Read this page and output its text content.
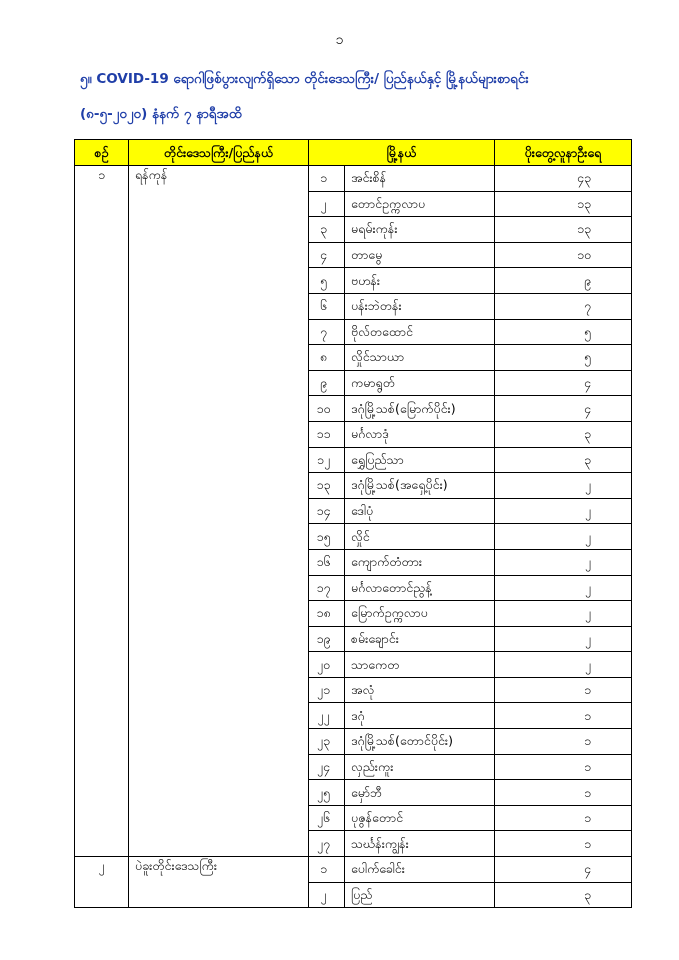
၁
၅။ COVID-19 ရောဂါဖြစ်ပွားလျက်ရှိသော တိုင်းဒေသကြီး/ ပြည်နယ်နှင့် မြို့နယ်များစာရင်း
(၈-၅-၂၀၂၀) နံနက် ၇ နာရီအထိ
စဉ်	တိုင်းဒေသကြီး/ပြည်နယ်	မြို့နယ်		ပိုးတွေ့လူနာဦးရေ
၁	ရန်ကုန်	၁	အင်းစိန်	၄၃
		၂	တောင်ဥက္ကလာပ	၁၃
		၃	မရမ်းကုန်း	၁၃
		၄	တာမွေ	၁၀
		၅	ဗဟန်း	၉
		၆	ပန်းဘဲတန်း	၇
		၇	ဗိုလ်တထောင်	၅
		၈	လှိုင်သာယာ	၅
		၉	ကမာရွတ်	၄
		၁၀	ဒဂုံမြို့သစ်(မြောက်ပိုင်း)	၄
		၁၁	မင်္ဂလာဒုံ	၃
		၁၂	ရွှေပြည်သာ	၃
		၁၃	ဒဂုံမြို့သစ်(အရှေ့ပိုင်း)	၂
		၁၄	ဒေါပုံ	၂
		၁၅	လှိုင်	၂
		၁၆	ကျောက်တံတား	၂
		၁၇	မင်္ဂလာတောင်ညွန့်	၂
		၁၈	မြောက်ဥက္ကလာပ	၂
		၁၉	စမ်းချောင်း	၂
		၂၀	သာကေတ	၂
		၂၁	အလုံ	၁
		၂၂	ဒဂုံ	၁
		၂၃	ဒဂုံမြို့သစ်(တောင်ပိုင်း)	၁
		၂၄	လှည်းကူး	၁
		၂၅	မှော်ဘီ	၁
		၂၆	ပုဇွန်တောင်	၁
		၂၇	သင်္ဃန်းကျွန်း	၁
၂	ပဲခူးတိုင်းဒေသကြီး	၁	ပေါက်ခေါင်း	၄
		၂	ပြည်	၃
